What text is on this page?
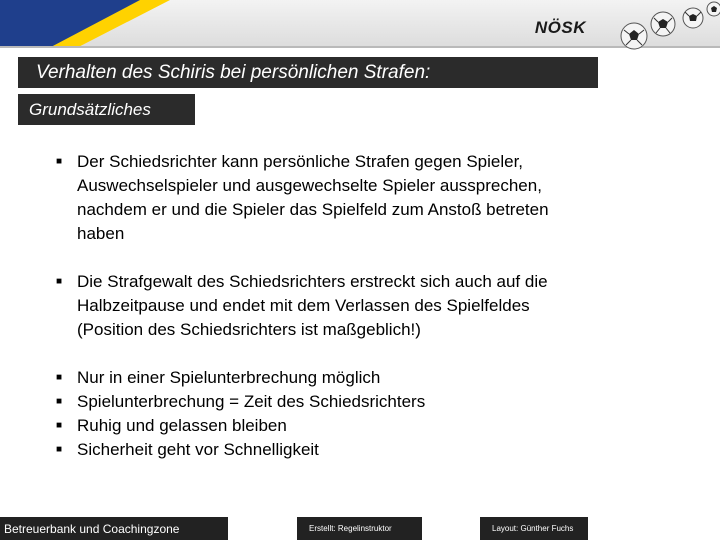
NÖSK
Verhalten des Schiris bei persönlichen Strafen:
Grundsätzliches
■ Der Schiedsrichter kann persönliche Strafen gegen Spieler,
Auswechselspieler und ausgewechselte Spieler aussprechen,
nachdem er und die Spieler das Spielfeld zum Anstoß betreten
haben
■ Die Strafgewalt des Schiedsrichters erstreckt sich auch auf die
Halbzeitpause und endet mit dem Verlassen des Spielfeldes
(Position des Schiedsrichters ist maßgeblich!)
■ Nur in einer Spielunterbrechung möglich
■ Spielunterbrechung = Zeit des Schiedsrichters
■ Ruhig und gelassen bleiben
■ Sicherheit geht vor Schnelligkeit
Betreuerbank und Coachingzone	Erstellt: Regelinstruktor	Layout: Günther Fuchs
